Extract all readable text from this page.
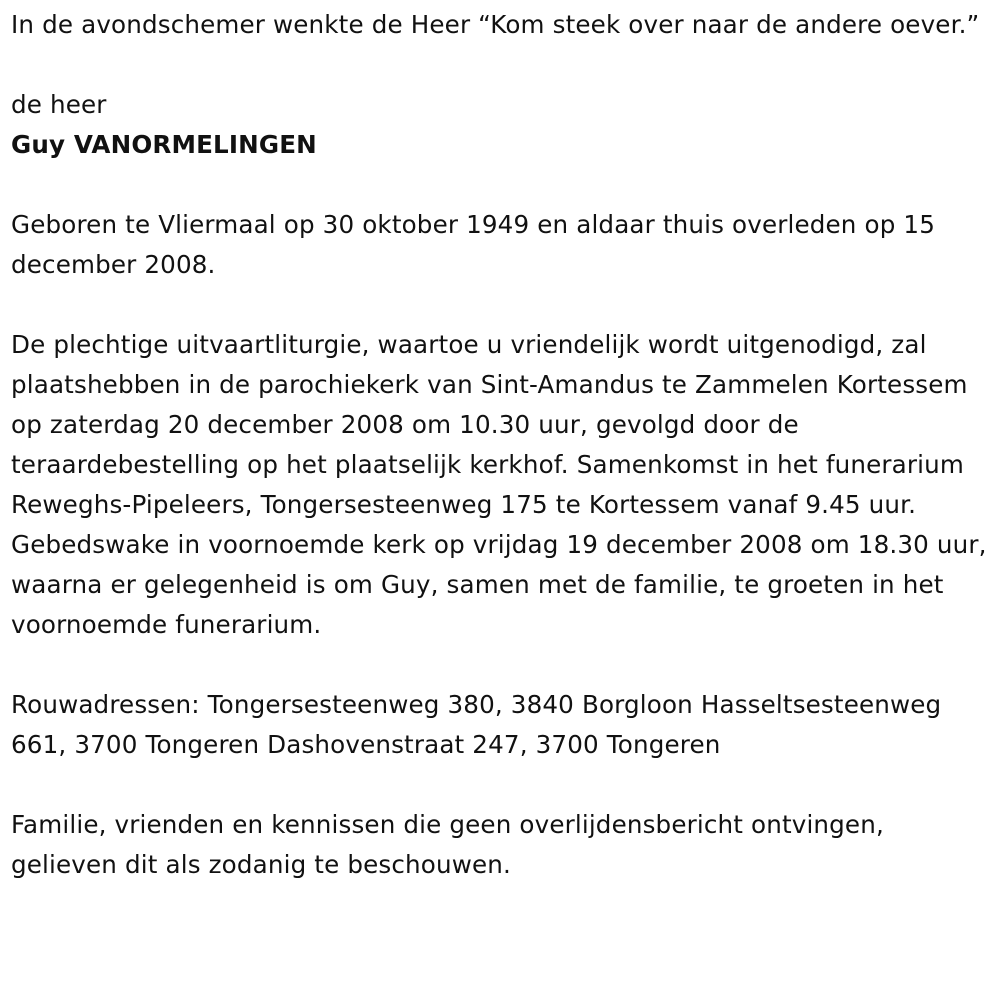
In de avondschemer wenkte de Heer “Kom steek over naar de andere oever.”

de heer

Guy VANORMELINGEN

Geboren te Vliermaal op 30 oktober 1949 en aldaar thuis overleden op 15 december 2008.

De plechtige uitvaartliturgie, waartoe u vriendelijk wordt uitgenodigd, zal plaatshebben in de parochiekerk van Sint-Amandus te Zammelen Kortessem op zaterdag 20 december 2008 om 10.30 uur, gevolgd door de teraardebestelling op het plaatselijk kerkhof. Samenkomst in het funerarium Reweghs-Pipeleers, Tongersesteenweg 175 te Kortessem vanaf 9.45 uur. Gebedswake in voornoemde kerk op vrijdag 19 december 2008 om 18.30 uur, waarna er gelegenheid is om Guy, samen met de familie, te groeten in het voornoemde funerarium.

Rouwadressen: Tongersesteenweg 380, 3840 Borgloon Hasseltsesteenweg 661, 3700 Tongeren Dashovenstraat 247, 3700 Tongeren

Familie, vrienden en kennissen die geen overlijdensbericht ontvingen, gelieven dit als zodanig te beschouwen.
